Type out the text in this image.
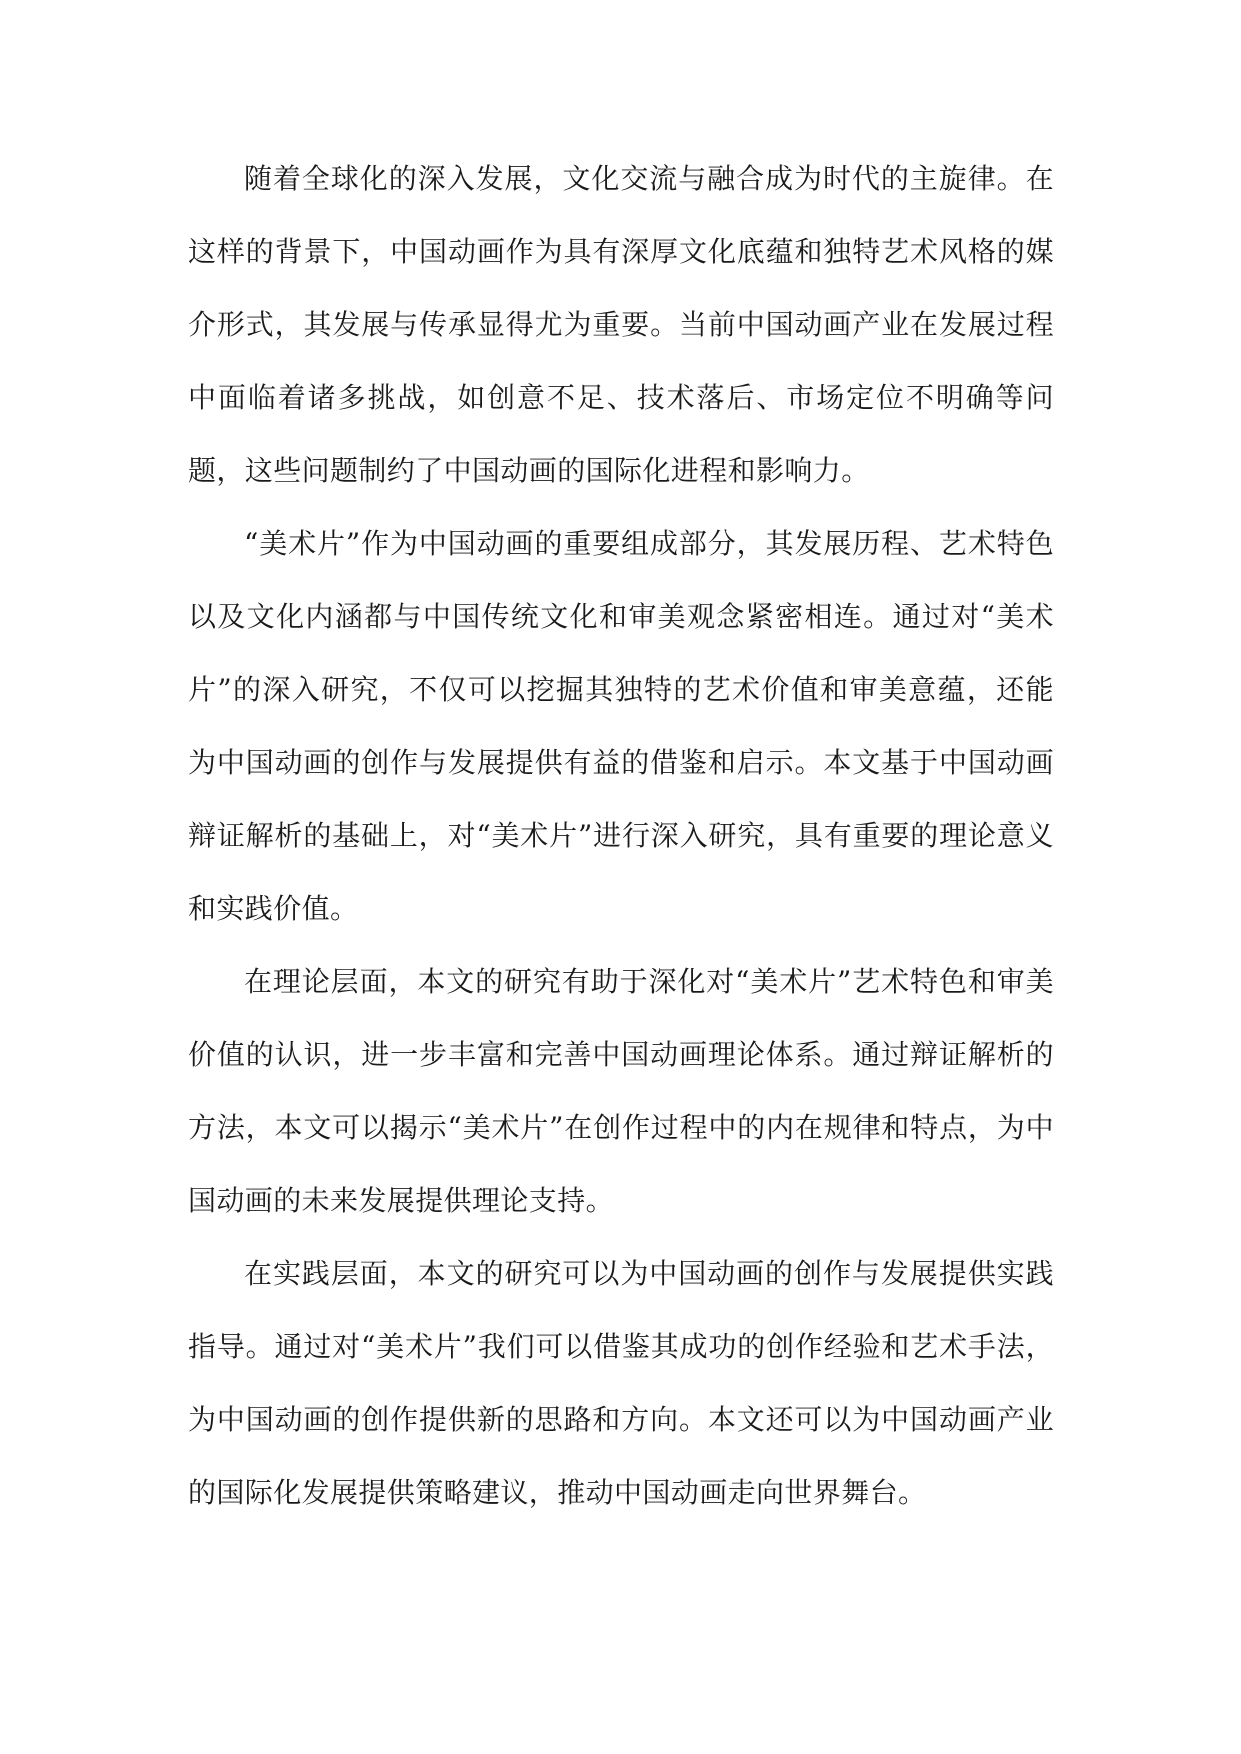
随着全球化的深入发展，文化交流与融合成为时代的主旋律。在这样的背景下，中国动画作为具有深厚文化底蕴和独特艺术风格的媒介形式，其发展与传承显得尤为重要。当前中国动画产业在发展过程中面临着诸多挑战，如创意不足、技术落后、市场定位不明确等问题，这些问题制约了中国动画的国际化进程和影响力。

“美术片”作为中国动画的重要组成部分，其发展历程、艺术特色以及文化内涵都与中国传统文化和审美观念紧密相连。通过对“美术片”的深入研究，不仅可以挖掘其独特的艺术价值和审美意蕴，还能为中国动画的创作与发展提供有益的借鉴和启示。本文基于中国动画辩证解析的基础上，对“美术片”进行深入研究，具有重要的理论意义和实践价值。

在理论层面，本文的研究有助于深化对“美术片”艺术特色和审美价值的认识，进一步丰富和完善中国动画理论体系。通过辩证解析的方法，本文可以揭示“美术片”在创作过程中的内在规律和特点，为中国动画的未来发展提供理论支持。

在实践层面，本文的研究可以为中国动画的创作与发展提供实践指导。通过对“美术片”我们可以借鉴其成功的创作经验和艺术手法，为中国动画的创作提供新的思路和方向。本文还可以为中国动画产业的国际化发展提供策略建议，推动中国动画走向世界舞台。
